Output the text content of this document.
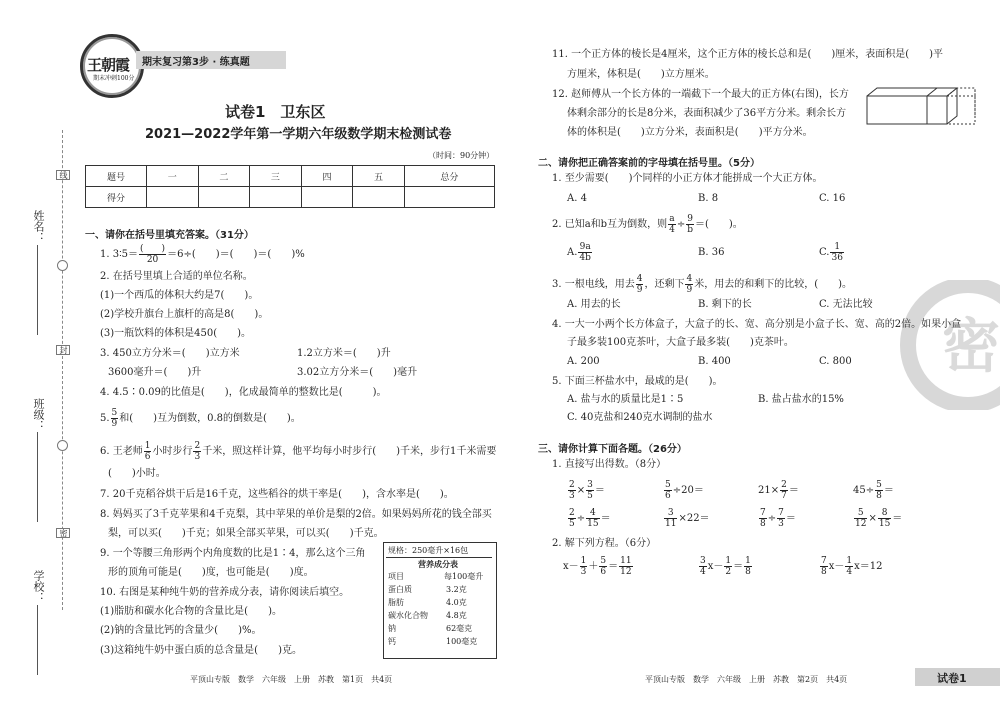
线
封
密
姓名：
班级：
学校：
王朝霞
期末冲刺100分
期末复习第3步 · 练真题
试卷1　卫东区
2021—2022学年第一学期六年级数学期末检测试卷
（时间：90分钟）
题号	一	二	三	四	五	总分
得分						
一、请你在括号里填充答案。（31分）
1. 3∶5＝ $\frac{( )}{20} =6\div$(　　)＝(　　)＝(　　)%
2. 在括号里填上合适的单位名称。
(1)一个西瓜的体积大约是7(　　)。
(2)学校升旗台上旗杆的高是8(　　)。
(3)一瓶饮料的体积是450(　　)。
3. 450立方分米＝(　　)立方米	1.2立方米＝(　　)升
3600毫升＝(　　)升	3.02立方分米＝(　　)毫升
4. 4.5∶0.09的比值是(　　)，化成最简单的整数比是(　　　)。
5. $\frac{5}{9}$ 和(　　)互为倒数，0.8的倒数是(　　)。
6. 王老师 $\frac{1}{6}$ 小时步行 $\frac{2}{3}$ 千米，照这样计算，他平均每小时步行(　　)千米，步行1千米需要
(　　)小时。
7. 20千克稻谷烘干后是16千克，这些稻谷的烘干率是(　　)，含水率是(　　)。
8. 妈妈买了3千克苹果和4千克梨，其中苹果的单价是梨的2倍。如果妈妈所花的钱全部买
梨，可以买(　　)千克；如果全部买苹果，可以买(　　)千克。
9. 一个等腰三角形两个内角度数的比是1∶4，那么这个三角
形的顶角可能是(　　)度，也可能是(　　)度。
10. 右图是某种纯牛奶的营养成分表，请你阅读后填空。
(1)脂肪和碳水化合物的含量比是(　　)。
(2)钠的含量比钙的含量少(　　)%。
(3)这箱纯牛奶中蛋白质的总含量是(　　)克。
规格：250毫升×16包
营养成分表
项目	每100毫升
蛋白质	3.2克
脂肪	4.0克
碳水化合物 4.8克
钠	62毫克
钙	100毫克
平顶山专版　数学　六年级　上册　苏教　第1页　共4页
密
11. 一个正方体的棱长是4厘米，这个正方体的棱长总和是(　　)厘米，表面积是(　　)平
方厘米，体积是(　　)立方厘米。
12. 赵师傅从一个长方体的一端截下一个最大的正方体(右图)，长方
体剩余部分的长是8分米，表面积减少了36平方分米。剩余长方
体的体积是(　　)立方分米，表面积是(　　)平方分米。
二、请你把正确答案前的字母填在括号里。（5分）
1. 至少需要(　　)个同样的小正方体才能拼成一个大正方体。
A. 4	B. 8	C. 16
2. 已知a和b互为倒数，则 $\frac{a}{4} \div \frac{9}{b}$ ＝(　　)。
A. $\frac{9a}{4b}$	B. 36	C. $\frac{1}{36}$
3. 一根电线，用去 $\frac{4}{9}$ ，还剩下 $\frac{4}{9}$ 米，用去的和剩下的比较，(　　)。
A. 用去的长	B. 剩下的长	C. 无法比较
4. 一大一小两个长方体盒子，大盒子的长、宽、高分别是小盒子长、宽、高的2倍。如果小盒
子最多装100克茶叶，大盒子最多装(　　)克茶叶。
A. 200	B. 400	C. 800
5. 下面三杯盐水中，最咸的是(　　)。
A. 盐与水的质量比是1∶5	B. 盐占盐水的15%
C. 40克盐和240克水调制的盐水
三、请你计算下面各题。（26分）
1. 直接写出得数。（8分）
$\frac{2}{3} \times \frac{3}{5}$ ＝	$\frac{5}{6} \div 20=$	$21\times \frac{2}{7}$ ＝	$45\div \frac{5}{8}$ ＝
$\frac{2}{5} \div \frac{4}{15}$ ＝	$\frac{3}{11} \times 22=$	$\frac{7}{8} \div \frac{7}{3}$ ＝	$\frac{5}{12} \times \frac{8}{15}$ ＝
2. 解下列方程。（6分）
$x- \frac{1}{3} + \frac{5}{6} = \frac{11}{12}$	$\frac{3}{4} x- \frac{1}{2} = \frac{1}{8}$	$\frac{7}{8} x- \frac{1}{4} x=12$
平顶山专版　数学　六年级　上册　苏教　第2页　共4页	试卷1
